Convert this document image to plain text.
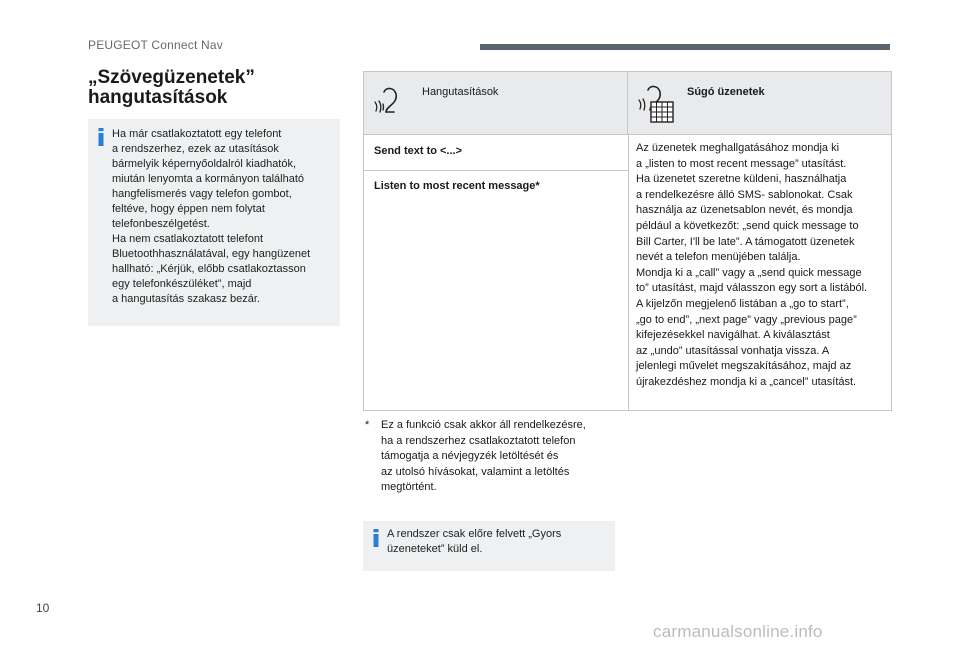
PEUGEOT Connect Nav
„Szövegüzenetek”
hangutasítások

Ha már csatlakoztatott egy telefont
a rendszerhez, ezek az utasítások
bármelyik képernyőoldalról kiadhatók,
miután lenyomta a kormányon található
hangfelismerés vagy telefon gombot,
feltéve, hogy éppen nem folytat
telefonbeszélgetést.
Ha nem csatlakoztatott telefont
Bluetoothhasználatával, egy hangüzenet
hallható: „Kérjük, előbb csatlakoztasson
egy telefonkészüléket”, majd
a hangutasítás szakasz bezár.

Hangutasítások	Súgó üzenetek
Send text to <...>
Listen to most recent message*
Az üzenetek meghallgatásához mondja ki
a „listen to most recent message” utasítást.
Ha üzenetet szeretne küldeni, használhatja
a rendelkezésre álló SMS- sablonokat. Csak
használja az üzenetsablon nevét, és mondja
például a következőt: „send quick message to
Bill Carter, I'll be late”. A támogatott üzenetek
nevét a telefon menüjében találja.
Mondja ki a „call” vagy a „send quick message
to” utasítást, majd válasszon egy sort a listából.
A kijelzőn megjelenő listában a „go to start”,
„go to end”, „next page” vagy „previous page”
kifejezésekkel navigálhat. A kiválasztást
az „undo” utasítással vonhatja vissza. A
jelenlegi művelet megszakításához, majd az
újrakezdéshez mondja ki a „cancel” utasítást.
* Ez a funkció csak akkor áll rendelkezésre,
ha a rendszerhez csatlakoztatott telefon
támogatja a névjegyzék letöltését és
az utolsó hívásokat, valamint a letöltés
megtörtént.

A rendszer csak előre felvett „Gyors
üzeneteket” küld el.

10
carmanualsonline.info
